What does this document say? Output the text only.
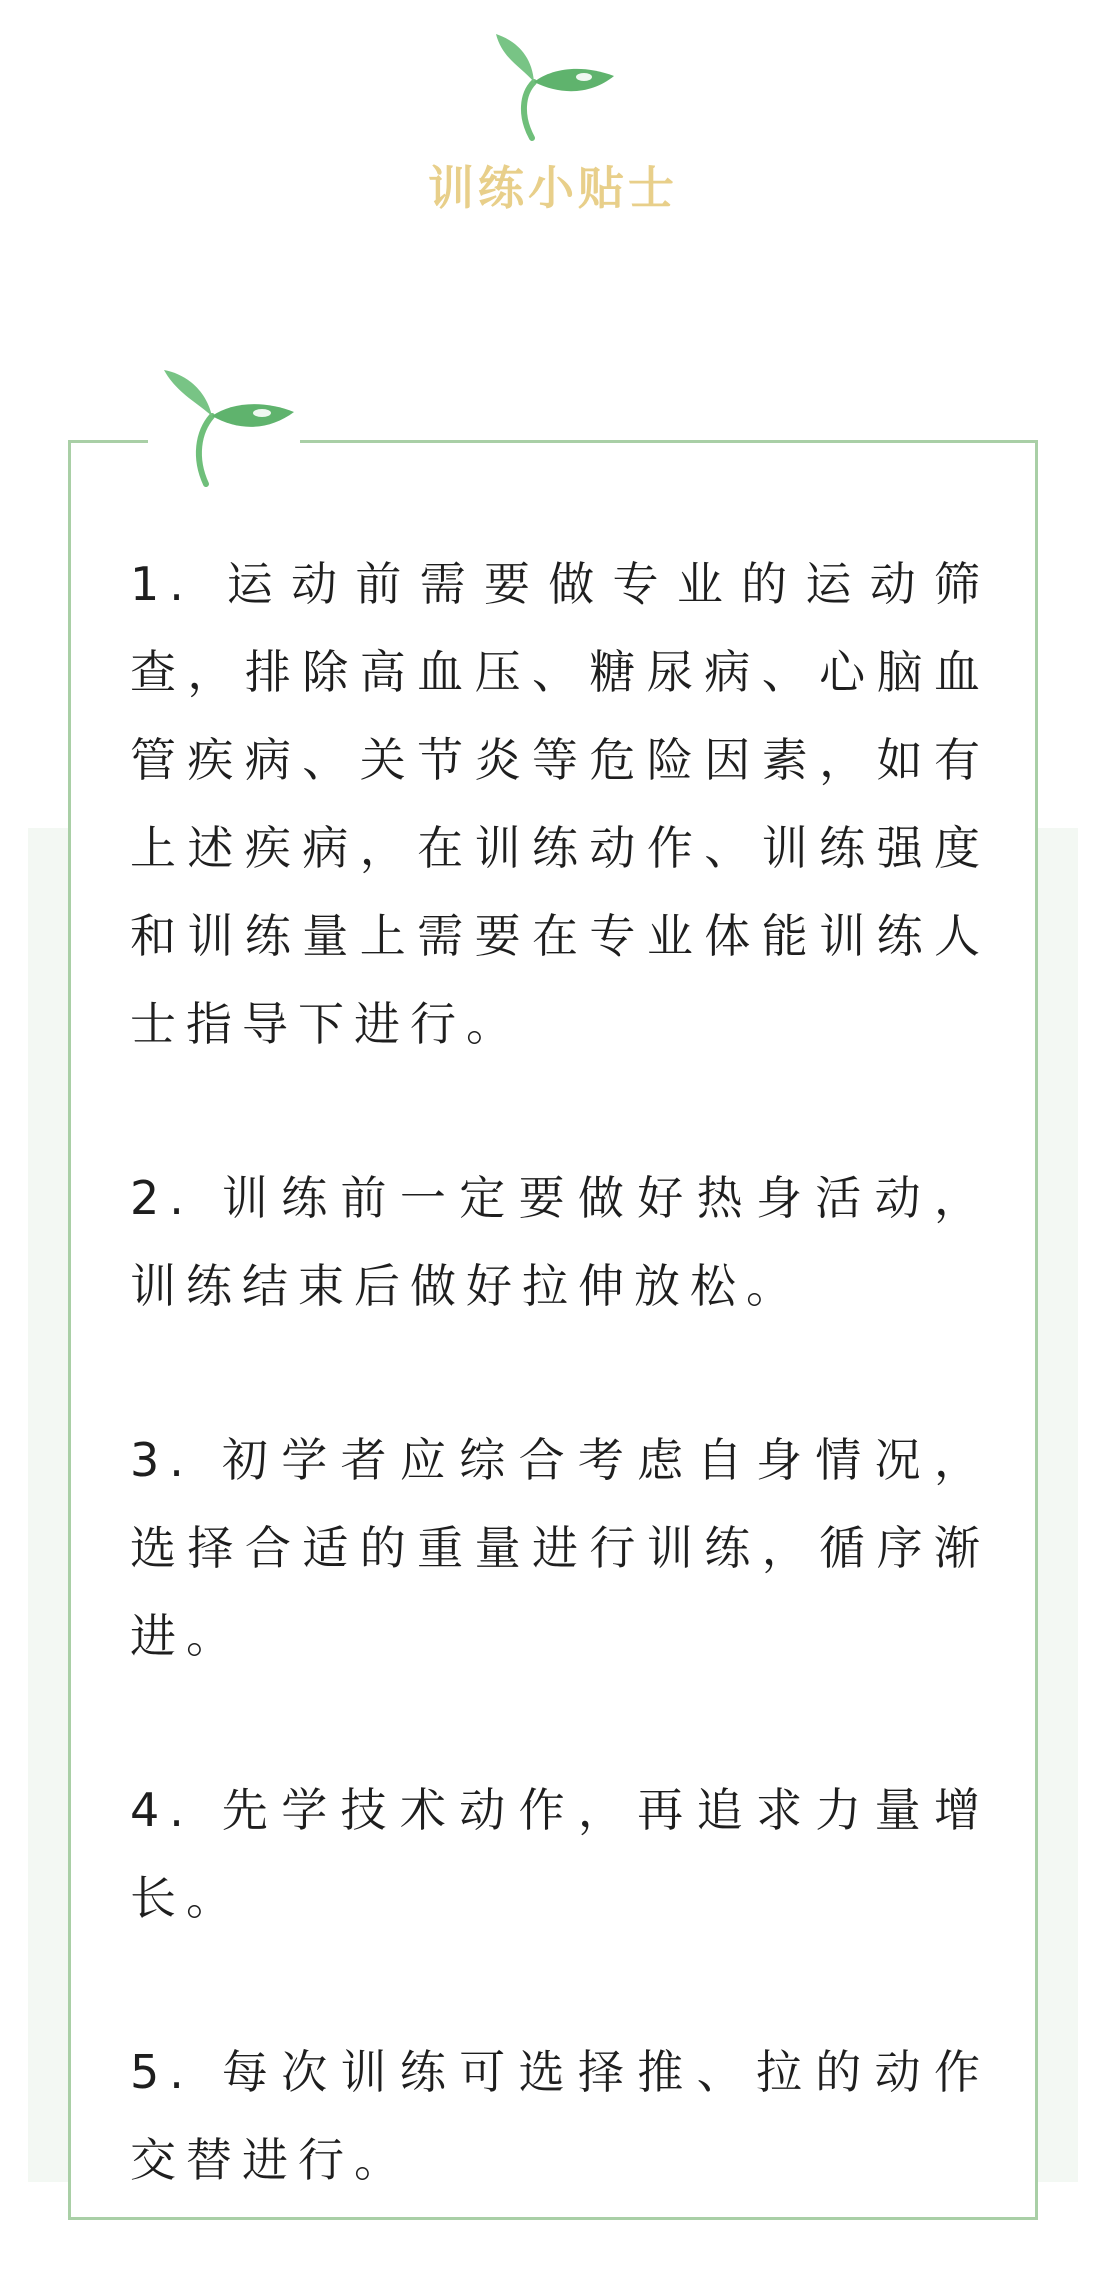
训练小贴士

1. 运动前需要做专业的运动筛查，排除高血压、糖尿病、心脑血管疾病、关节炎等危险因素，如有上述疾病，在训练动作、训练强度和训练量上需要在专业体能训练人士指导下进行。

2. 训练前一定要做好热身活动，训练结束后做好拉伸放松。

3. 初学者应综合考虑自身情况，选择合适的重量进行训练，循序渐进。

4. 先学技术动作，再追求力量增长。

5. 每次训练可选择推、拉的动作交替进行。
